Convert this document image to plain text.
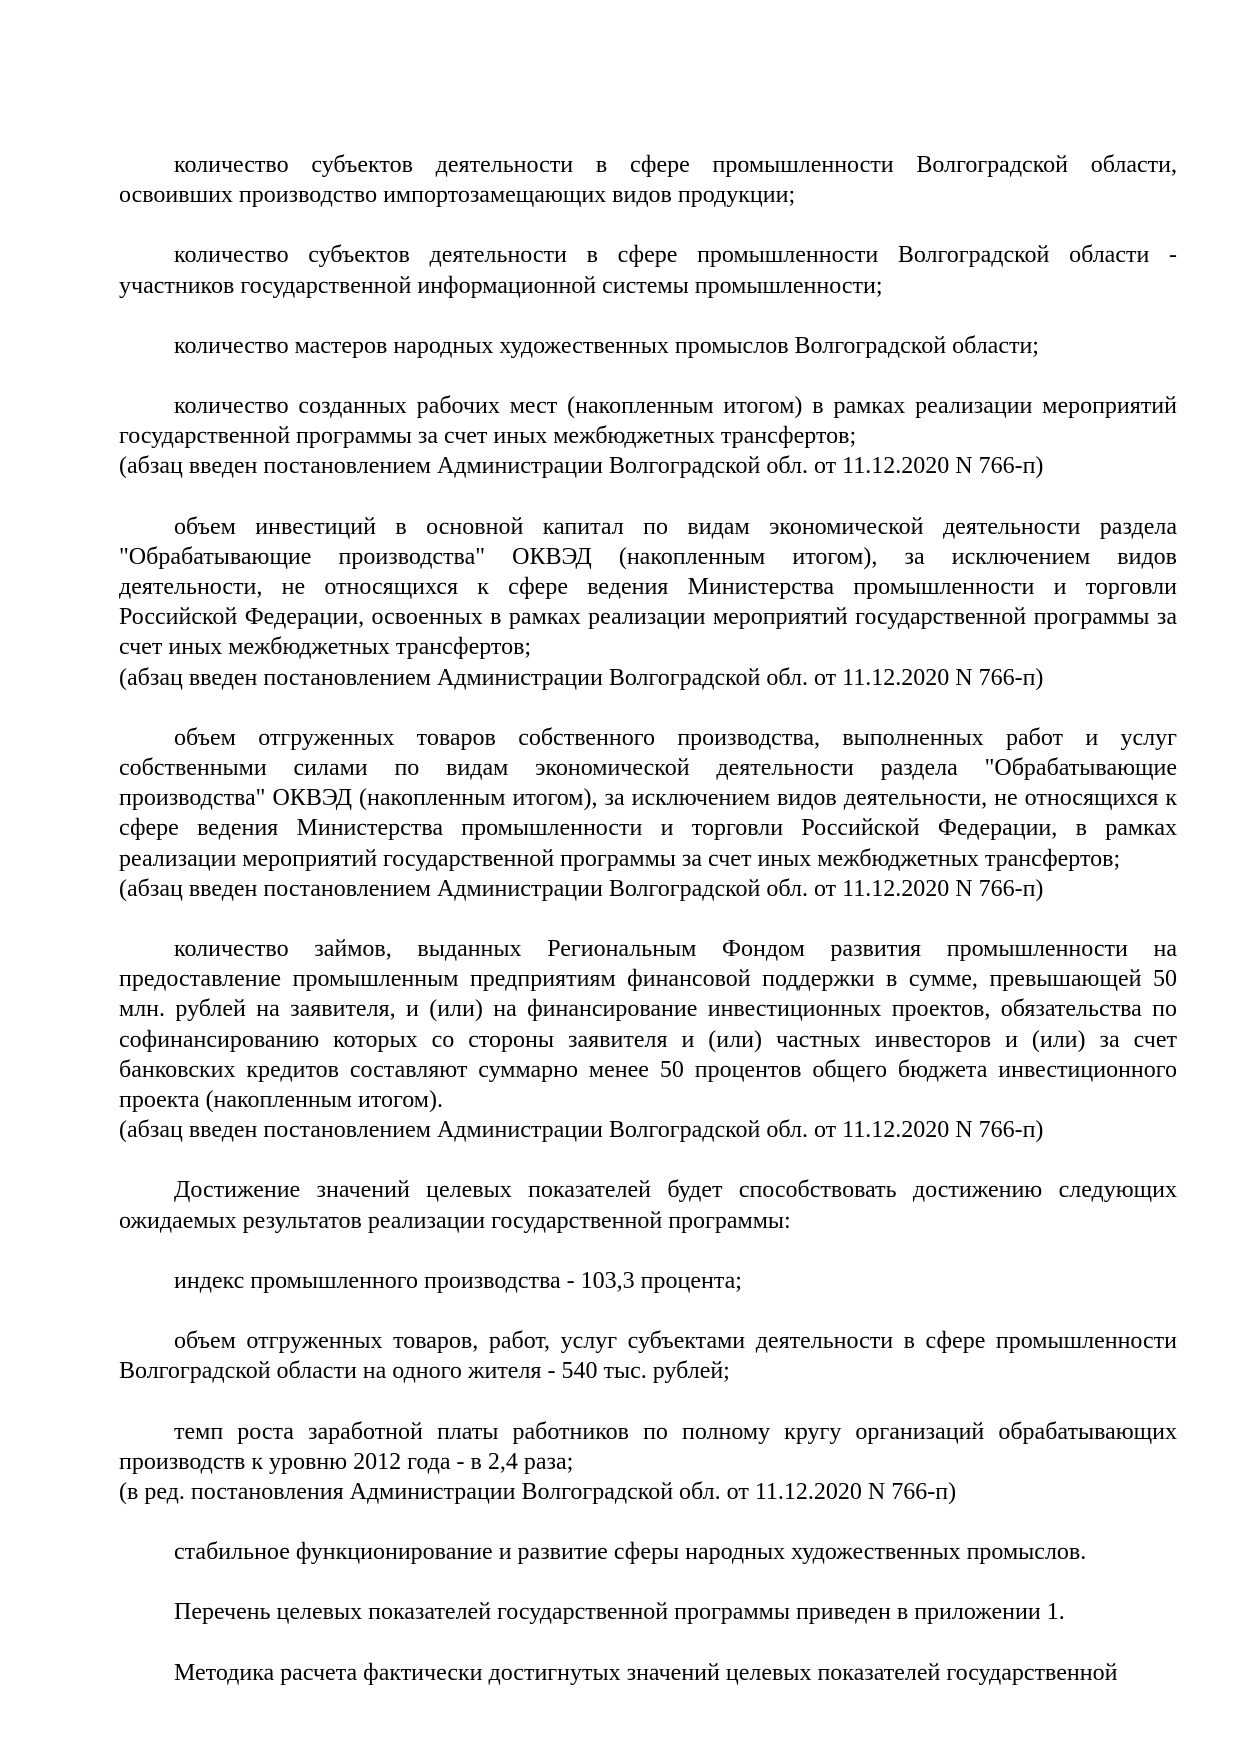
количество субъектов деятельности в сфере промышленности Волгоградской области, освоивших производство импортозамещающих видов продукции;

количество субъектов деятельности в сфере промышленности Волгоградской области - участников государственной информационной системы промышленности;

количество мастеров народных художественных промыслов Волгоградской области;

количество созданных рабочих мест (накопленным итогом) в рамках реализации мероприятий государственной программы за счет иных межбюджетных трансфертов;
(абзац введен постановлением Администрации Волгоградской обл. от 11.12.2020 N 766-п)

объем инвестиций в основной капитал по видам экономической деятельности раздела "Обрабатывающие производства" ОКВЭД (накопленным итогом), за исключением видов деятельности, не относящихся к сфере ведения Министерства промышленности и торговли Российской Федерации, освоенных в рамках реализации мероприятий государственной программы за счет иных межбюджетных трансфертов;
(абзац введен постановлением Администрации Волгоградской обл. от 11.12.2020 N 766-п)

объем отгруженных товаров собственного производства, выполненных работ и услуг собственными силами по видам экономической деятельности раздела "Обрабатывающие производства" ОКВЭД (накопленным итогом), за исключением видов деятельности, не относящихся к сфере ведения Министерства промышленности и торговли Российской Федерации, в рамках реализации мероприятий государственной программы за счет иных межбюджетных трансфертов;
(абзац введен постановлением Администрации Волгоградской обл. от 11.12.2020 N 766-п)

количество займов, выданных Региональным Фондом развития промышленности на предоставление промышленным предприятиям финансовой поддержки в сумме, превышающей 50 млн. рублей на заявителя, и (или) на финансирование инвестиционных проектов, обязательства по софинансированию которых со стороны заявителя и (или) частных инвесторов и (или) за счет банковских кредитов составляют суммарно менее 50 процентов общего бюджета инвестиционного проекта (накопленным итогом).
(абзац введен постановлением Администрации Волгоградской обл. от 11.12.2020 N 766-п)

Достижение значений целевых показателей будет способствовать достижению следующих ожидаемых результатов реализации государственной программы:

индекс промышленного производства - 103,3 процента;

объем отгруженных товаров, работ, услуг субъектами деятельности в сфере промышленности Волгоградской области на одного жителя - 540 тыс. рублей;

темп роста заработной платы работников по полному кругу организаций обрабатывающих производств к уровню 2012 года - в 2,4 раза;
(в ред. постановления Администрации Волгоградской обл. от 11.12.2020 N 766-п)

стабильное функционирование и развитие сферы народных художественных промыслов.

Перечень целевых показателей государственной программы приведен в приложении 1.

Методика расчета фактически достигнутых значений целевых показателей государственной
